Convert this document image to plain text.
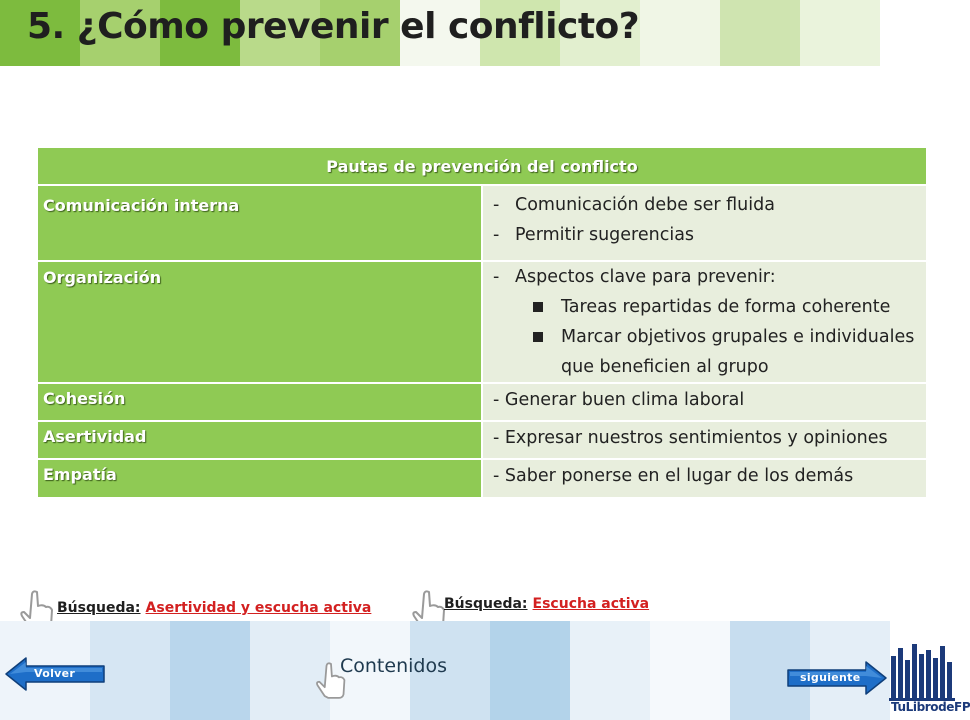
5. ¿Cómo prevenir el conflicto?
Pautas de prevención del conflicto	
Comunicación interna	- Comunicación debe ser fluida
- Permitir sugerencias

Organización	- Aspectos clave para prevenir:
Tareas repartidas de forma coherente
Marcar objetivos grupales e individuales
que beneficien al grupo

Cohesión	- Generar buen clima laboral
Asertividad	- Expresar nuestros sentimientos y opiniones
Empatía	- Saber ponerse en el lugar de los demás
Búsqueda: Asertividad y escucha activa	Búsqueda: Escucha activa
Contenidos
Volver	siguiente
TuLibrodeFP
